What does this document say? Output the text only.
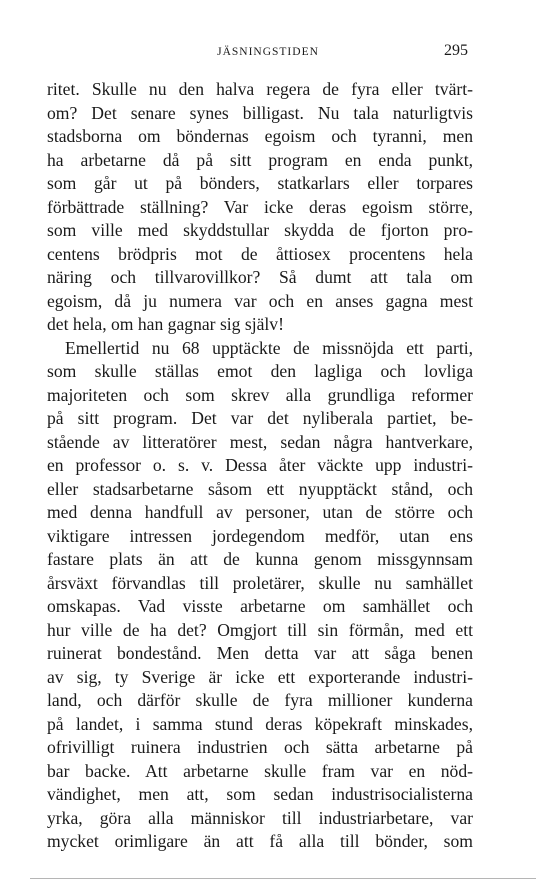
JÄSNINGSTIDEN	295
ritet. Skulle nu den halva regera de fyra eller tvärt-
om? Det senare synes billigast. Nu tala naturligtvis
stadsborna om böndernas egoism och tyranni, men
ha arbetarne då på sitt program en enda punkt,
som går ut på bönders, statkarlars eller torpares
förbättrade ställning? Var icke deras egoism större,
som ville med skyddstullar skydda de fjorton pro-
centens brödpris mot de åttiosex procentens hela
näring och tillvarovillkor? Så dumt att tala om
egoism, då ju numera var och en anses gagna mest
det hela, om han gagnar sig själv!
Emellertid nu 68 upptäckte de missnöjda ett parti,
som skulle ställas emot den lagliga och lovliga
majoriteten och som skrev alla grundliga reformer
på sitt program. Det var det nyliberala partiet, be-
stående av litteratörer mest, sedan några hantverkare,
en professor o. s. v. Dessa åter väckte upp industri-
eller stadsarbetarne såsom ett nyupptäckt stånd, och
med denna handfull av personer, utan de större och
viktigare intressen jordegendom medför, utan ens
fastare plats än att de kunna genom missgynnsam
årsväxt förvandlas till proletärer, skulle nu samhället
omskapas. Vad visste arbetarne om samhället och
hur ville de ha det? Omgjort till sin förmån, med ett
ruinerat bondestånd. Men detta var att såga benen
av sig, ty Sverige är icke ett exporterande industri-
land, och därför skulle de fyra millioner kunderna
på landet, i samma stund deras köpekraft minskades,
ofrivilligt ruinera industrien och sätta arbetarne på
bar backe. Att arbetarne skulle fram var en nöd-
vändighet, men att, som sedan industrisocialisterna
yrka, göra alla människor till industriarbetare, var
mycket orimligare än att få alla till bönder, som
